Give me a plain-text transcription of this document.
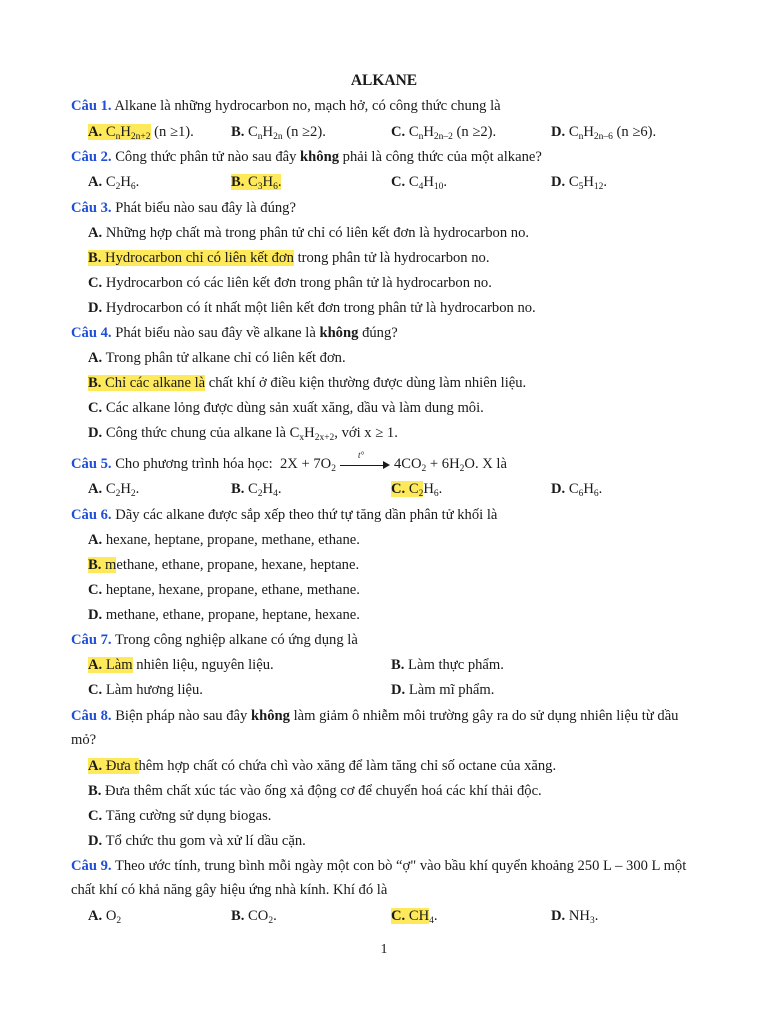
ALKANE
Câu 1. Alkane là những hydrocarbon no, mạch hở, có công thức chung là
A. $C_nH_{2n+2}$ (n ≥1).	B. $C_nH_{2n}$ (n ≥2).	C. $C_nH_{2n-2}$ (n ≥2).	D. $C_nH_{2n-6}$ (n ≥6).
Câu 2. Công thức phân tử nào sau đây không phải là công thức của một alkane?
A. $C_2H_6$.	B. $C_3H_6$.	C. $C_4H_{10}$.	D. $C_5H_{12}$.
Câu 3. Phát biểu nào sau đây là đúng?
A. Những hợp chất mà trong phân tử chỉ có liên kết đơn là hydrocarbon no.
B. Hydrocarbon chỉ có liên kết đơn trong phân tử là hydrocarbon no.
C. Hydrocarbon có các liên kết đơn trong phân tử là hydrocarbon no.
D. Hydrocarbon có ít nhất một liên kết đơn trong phân tử là hydrocarbon no.
Câu 4. Phát biểu nào sau đây về alkane là không đúng?
A. Trong phân tử alkane chỉ có liên kết đơn.
B. Chỉ các alkane là chất khí ở điều kiện thường được dùng làm nhiên liệu.
C. Các alkane lỏng được dùng sản xuất xăng, dầu và làm dung môi.
D. Công thức chung của alkane là $C_xH_{2x+2}$, với x ≥ 1.
Câu 5. Cho phương trình hóa học: $2X + 7O_2$
t°
$4CO_2 + 6H_2O$. X là
A. $C_2H_2$.	B. $C_2H_4$.	C. $C_2H_6$.	D. $C_6H_6$.
Câu 6. Dãy các alkane được sắp xếp theo thứ tự tăng dần phân tử khối là
A. hexane, heptane, propane, methane, ethane.
B. methane, ethane, propane, hexane, heptane.
C. heptane, hexane, propane, ethane, methane.
D. methane, ethane, propane, heptane, hexane.
Câu 7. Trong công nghiệp alkane có ứng dụng là
A. Làm nhiên liệu, nguyên liệu.	B. Làm thực phẩm.
C. Làm hương liệu.	D. Làm mĩ phẩm.
Câu 8. Biện pháp nào sau đây không làm giảm ô nhiễm môi trường gây ra do sử dụng nhiên liệu từ dầu mỏ?
A. Đưa thêm hợp chất có chứa chì vào xăng để làm tăng chỉ số octane của xăng.
B. Đưa thêm chất xúc tác vào ống xả động cơ để chuyển hoá các khí thải độc.
C. Tăng cường sử dụng biogas.
D. Tổ chức thu gom và xử lí dầu cặn.
Câu 9. Theo ước tính, trung bình mỗi ngày một con bò “ợ" vào bầu khí quyển khoảng 250 L – 300 L một chất khí có khả năng gây hiệu ứng nhà kính. Khí đó là
A. $O_2$	B. $CO_2$.	C. $CH_4$.	D. $NH_3$.
1
